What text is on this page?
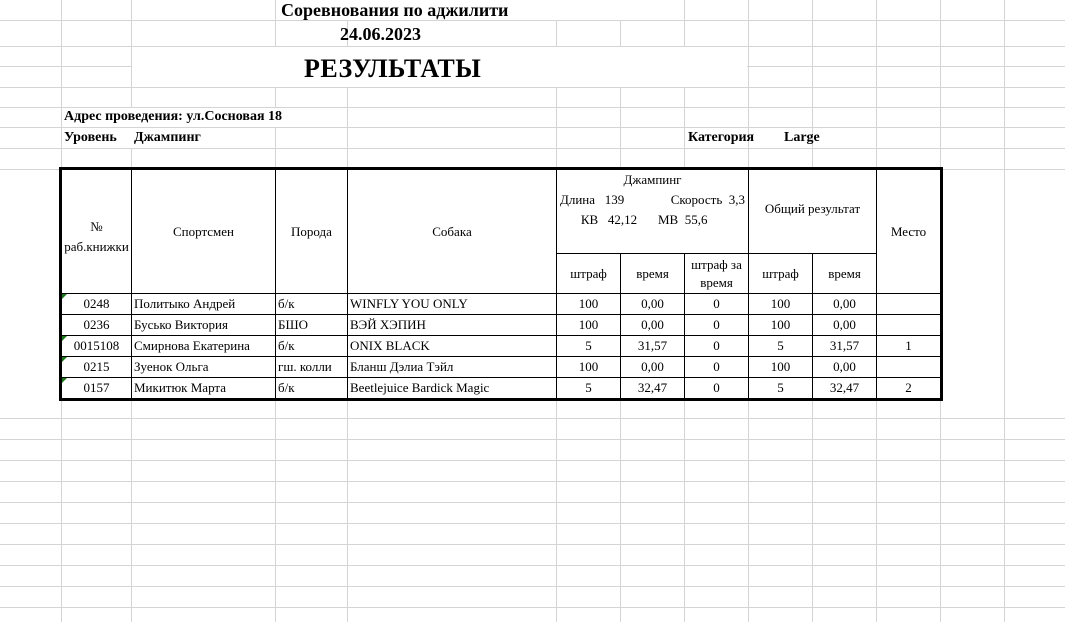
Соревнования по аджилити
24.06.2023
РЕЗУЛЬТАТЫ
Адрес проведения: ул.Сосновая 18
Уровень Джампинг	Категория Large
№ раб.книжки	Спортсмен	Порода	Собака	Джампинг
Длина 139 Скорость 3,3
КВ 42,12 МВ 55,6			Общий результат		Место
				штраф	время	штраф за время	штраф	время	
0248	Политыко Андрей	б/к	WINFLY YOU ONLY	100	0,00	0	100	0,00	
0236	Бусько Виктория	БШО	ВЭЙ ХЭПИН	100	0,00	0	100	0,00	
0015108	Смирнова Екатерина	б/к	ONIX BLACK	5	31,57	0	5	31,57	1
0215	Зуенок Ольга	гш. колли	Бланш Дэлиа Тэйл	100	0,00	0	100	0,00	
0157	Микитюк Марта	б/к	Beetlejuice Bardick Magic	5	32,47	0	5	32,47	2
